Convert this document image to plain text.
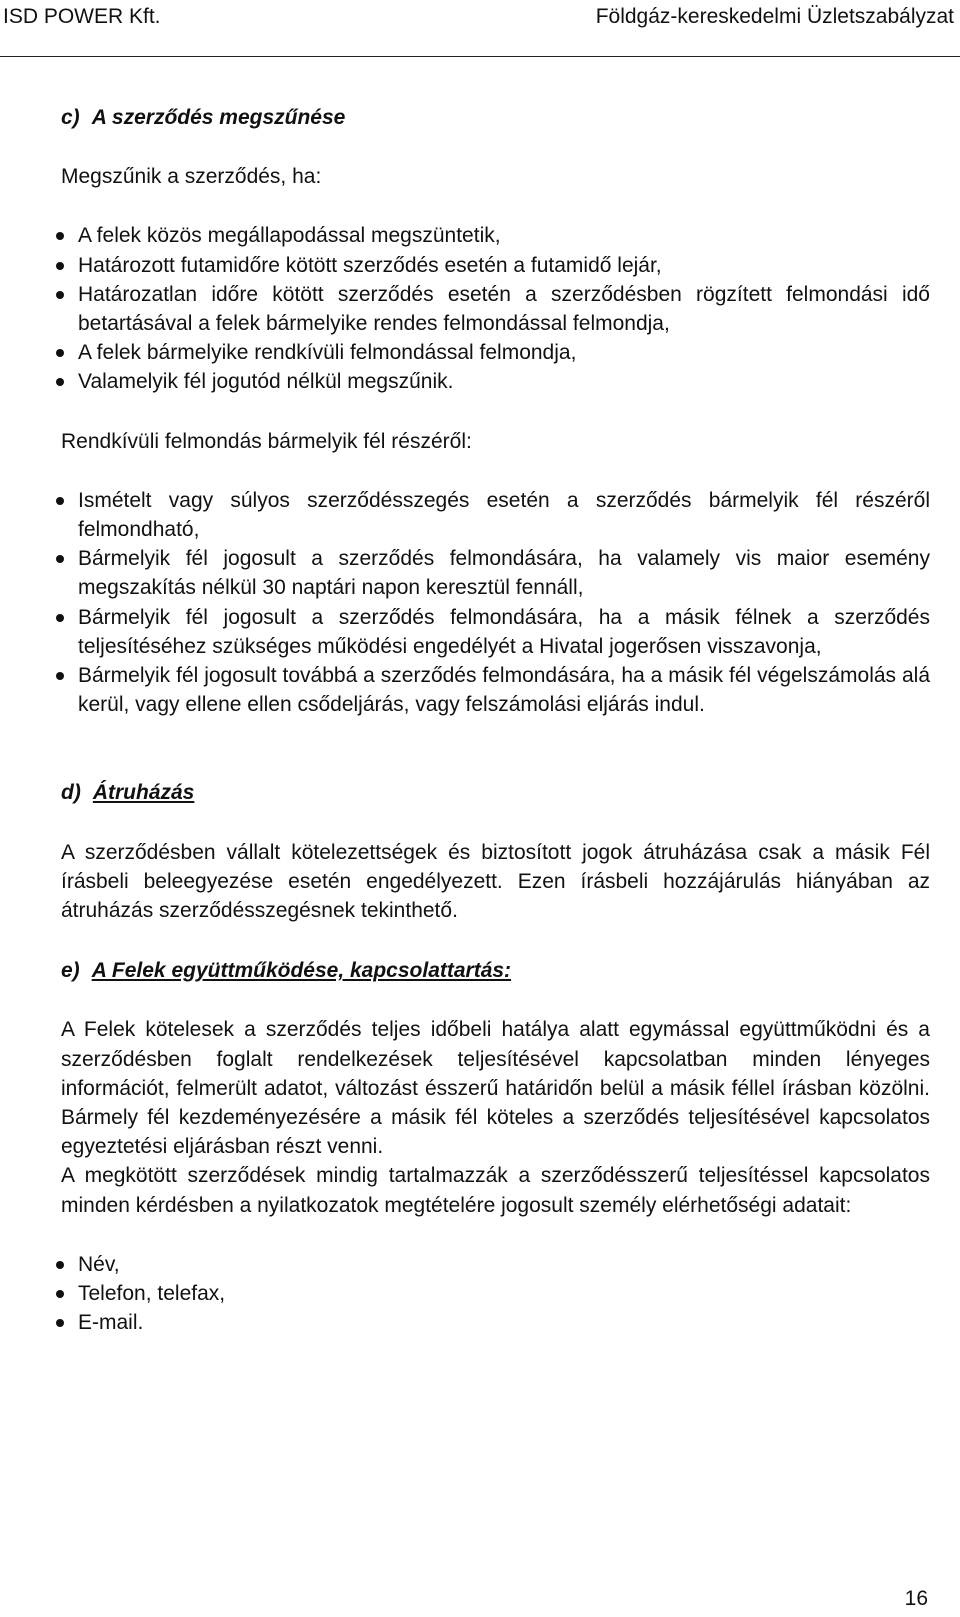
ISD POWER Kft.	Földgáz-kereskedelmi Üzletszabályzat
c) A szerződés megszűnése

Megszűnik a szerződés, ha:

A felek közös megállapodással megszüntetik,
Határozott futamidőre kötött szerződés esetén a futamidő lejár,
Határozatlan időre kötött szerződés esetén a szerződésben rögzített felmondási idő betartásával a felek bármelyike rendes felmondással felmondja,
A felek bármelyike rendkívüli felmondással felmondja,
Valamelyik fél jogutód nélkül megszűnik.

Rendkívüli felmondás bármelyik fél részéről:

Ismételt vagy súlyos szerződésszegés esetén a szerződés bármelyik fél részéről felmondható,
Bármelyik fél jogosult a szerződés felmondására, ha valamely vis maior esemény megszakítás nélkül 30 naptári napon keresztül fennáll,
Bármelyik fél jogosult a szerződés felmondására, ha a másik félnek a szerződés teljesítéséhez szükséges működési engedélyét a Hivatal jogerősen visszavonja,
Bármelyik fél jogosult továbbá a szerződés felmondására, ha a másik fél végelszámolás alá kerül, vagy ellene ellen csődeljárás, vagy felszámolási eljárás indul.
d) Átruházás

A szerződésben vállalt kötelezettségek és biztosított jogok átruházása csak a másik Fél írásbeli beleegyezése esetén engedélyezett. Ezen írásbeli hozzájárulás hiányában az átruházás szerződésszegésnek tekinthető.

e) A Felek együttműködése, kapcsolattartás:

A Felek kötelesek a szerződés teljes időbeli hatálya alatt egymással együttműködni és a szerződésben foglalt rendelkezések teljesítésével kapcsolatban minden lényeges információt, felmerült adatot, változást ésszerű határidőn belül a másik féllel írásban közölni. Bármely fél kezdeményezésére a másik fél köteles a szerződés teljesítésével kapcsolatos egyeztetési eljárásban részt venni.

A megkötött szerződések mindig tartalmazzák a szerződésszerű teljesítéssel kapcsolatos minden kérdésben a nyilatkozatok megtételére jogosult személy elérhetőségi adatait:

Név,
Telefon, telefax,
E-mail.
16
